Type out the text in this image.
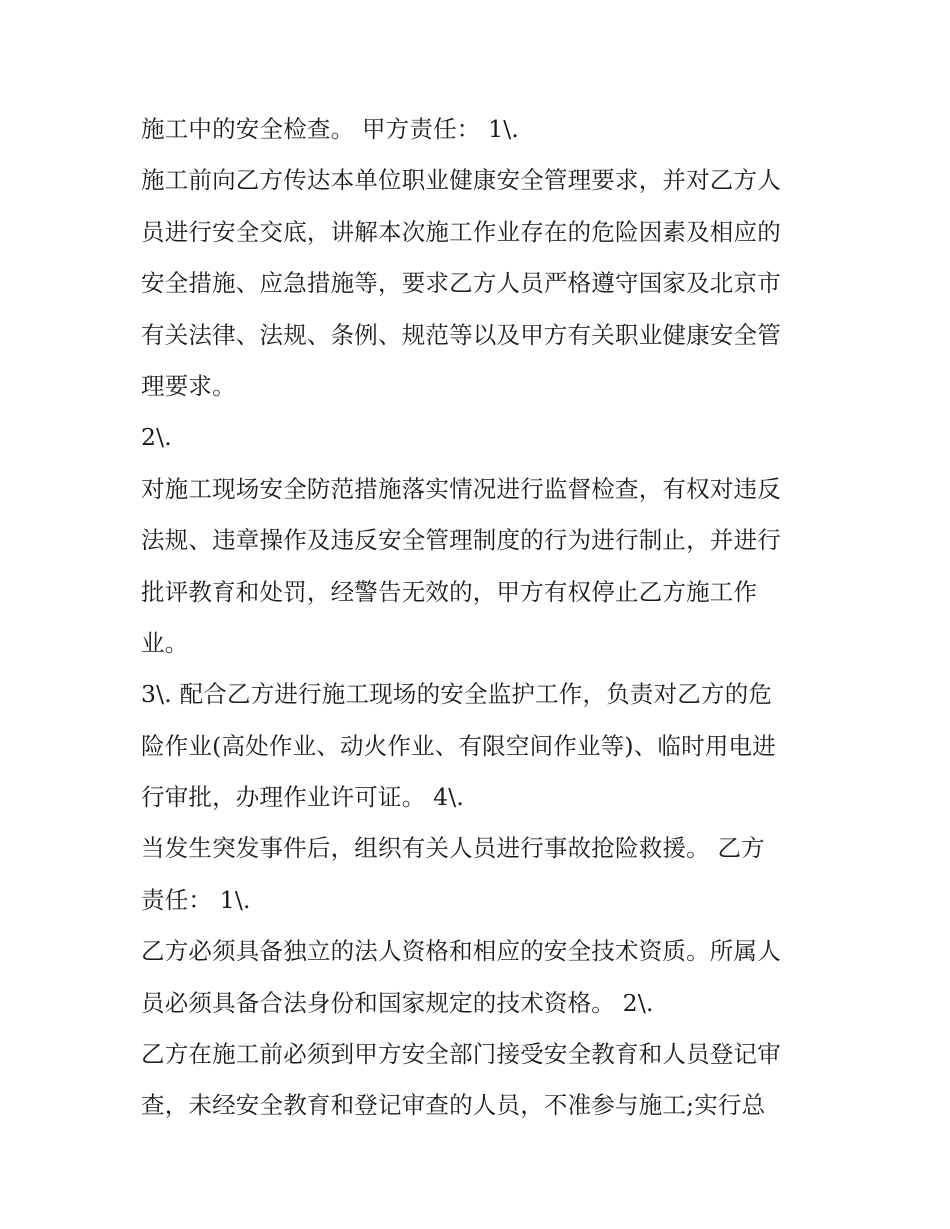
施工中的安全检查。 甲方责任： 1\.
施工前向乙方传达本单位职业健康安全管理要求，并对乙方人
员进行安全交底，讲解本次施工作业存在的危险因素及相应的
安全措施、应急措施等，要求乙方人员严格遵守国家及北京市
有关法律、法规、条例、规范等以及甲方有关职业健康安全管
理要求。
2\.
对施工现场安全防范措施落实情况进行监督检查，有权对违反
法规、违章操作及违反安全管理制度的行为进行制止，并进行
批评教育和处罚，经警告无效的，甲方有权停止乙方施工作
业。
3\. 配合乙方进行施工现场的安全监护工作，负责对乙方的危
险作业(高处作业、动火作业、有限空间作业等)、临时用电进
行审批，办理作业许可证。 4\.
当发生突发事件后，组织有关人员进行事故抢险救援。 乙方
责任： 1\.
乙方必须具备独立的法人资格和相应的安全技术资质。所属人
员必须具备合法身份和国家规定的技术资格。 2\.
乙方在施工前必须到甲方安全部门接受安全教育和人员登记审
查，未经安全教育和登记审查的人员，不准参与施工;实行总
